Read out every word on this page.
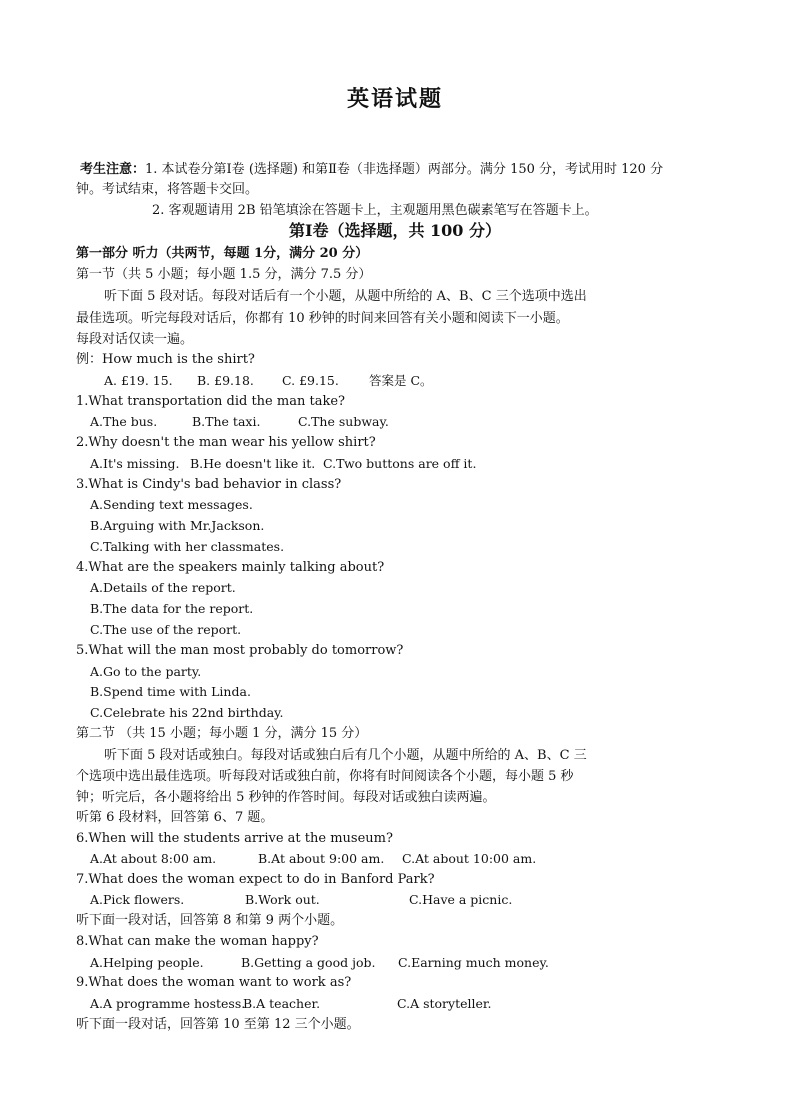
英语试题
考生注意：1. 本试卷分第Ⅰ卷 (选择题) 和第Ⅱ卷（非选择题）两部分。满分 150 分，考试用时 120 分
钟。考试结束，将答题卡交回。
2. 客观题请用 2B 铅笔填涂在答题卡上，主观题用黑色碳素笔写在答题卡上。
第Ⅰ卷（选择题，共 100 分）
第一部分 听力（共两节，每题 1分，满分 20 分）
第一节（共 5 小题；每小题 1.5 分，满分 7.5 分）
听下面 5 段对话。每段对话后有一个小题，从题中所给的 A、B、C 三个选项中选出
最佳选项。听完每段对话后，你都有 10 秒钟的时间来回答有关小题和阅读下一小题。
每段对话仅读一遍。
例：How much is the shirt?
A. £19. 15. B. £9.18. C. £9.15. 答案是 C。
1.What transportation did the man take?
A.The bus.	B.The taxi.	C.The subway.
2.Why doesn't the man wear his yellow shirt?
A.It's missing. B.He doesn't like it. C.Two buttons are off it.
3.What is Cindy's bad behavior in class?
A.Sending text messages.
B.Arguing with Mr.Jackson.
C.Talking with her classmates.
4.What are the speakers mainly talking about?
A.Details of the report.
B.The data for the report.
C.The use of the report.
5.What will the man most probably do tomorrow?
A.Go to the party.
B.Spend time with Linda.
C.Celebrate his 22nd birthday.
第二节 （共 15 小题；每小题 1 分，满分 15 分）
听下面 5 段对话或独白。每段对话或独白后有几个小题，从题中所给的 A、B、C 三
个选项中选出最佳选项。听每段对话或独白前，你将有时间阅读各个小题，每小题 5 秒
钟；听完后，各小题将给出 5 秒钟的作答时间。每段对话或独白读两遍。
听第 6 段材料，回答第 6、7 题。
6.When will the students arrive at the museum?
A.At about 8:00 am.	B.At about 9:00 am. C.At about 10:00 am.
7.What does the woman expect to do in Banford Park?
A.Pick flowers.	B.Work out.	C.Have a picnic.
听下面一段对话，回答第 8 和第 9 两个小题。
8.What can make the woman happy?
A.Helping people.	B.Getting a good job. C.Earning much money.
9.What does the woman want to work as?
A.A programme hostess.
B.A teacher.	C.A storyteller.
听下面一段对话，回答第 10 至第 12 三个小题。
